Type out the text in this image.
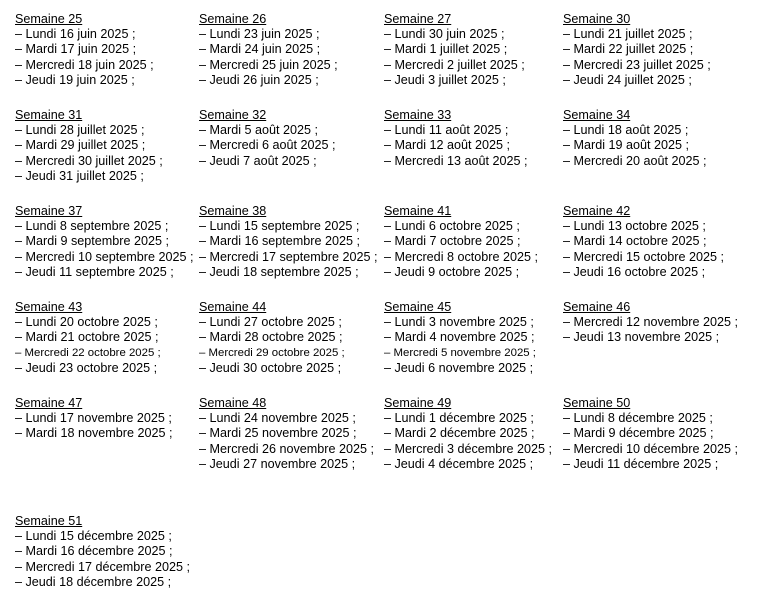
Semaine 25
– Lundi 16 juin 2025 ;
– Mardi 17 juin 2025 ;
– Mercredi 18 juin 2025 ;
– Jeudi 19 juin 2025 ;
Semaine 26
– Lundi 23 juin 2025 ;
– Mardi 24 juin 2025 ;
– Mercredi 25 juin 2025 ;
– Jeudi 26 juin 2025 ;
Semaine 27
– Lundi 30 juin 2025 ;
– Mardi 1 juillet 2025 ;
– Mercredi 2 juillet 2025 ;
– Jeudi 3 juillet 2025 ;
Semaine 30
– Lundi 21 juillet 2025 ;
– Mardi 22 juillet 2025 ;
– Mercredi 23 juillet 2025 ;
– Jeudi 24 juillet 2025 ;
Semaine 31
– Lundi 28 juillet 2025 ;
– Mardi 29 juillet 2025 ;
– Mercredi 30 juillet 2025 ;
– Jeudi 31 juillet 2025 ;
Semaine 32
– Mardi 5 août 2025 ;
– Mercredi 6 août 2025 ;
– Jeudi 7 août 2025 ;
Semaine 33
– Lundi 11 août 2025 ;
– Mardi 12 août 2025 ;
– Mercredi 13 août 2025 ;
Semaine 34
– Lundi 18 août 2025 ;
– Mardi 19 août 2025 ;
– Mercredi 20 août 2025 ;
Semaine 37
– Lundi 8 septembre 2025 ;
– Mardi 9 septembre 2025 ;
– Mercredi 10 septembre 2025 ;
– Jeudi 11 septembre 2025 ;
Semaine 38
– Lundi 15 septembre 2025 ;
– Mardi 16 septembre 2025 ;
– Mercredi 17 septembre 2025 ;
– Jeudi 18 septembre 2025 ;
Semaine 41
– Lundi 6 octobre 2025 ;
– Mardi 7 octobre 2025 ;
– Mercredi 8 octobre 2025 ;
– Jeudi 9 octobre 2025 ;
Semaine 42
– Lundi 13 octobre 2025 ;
– Mardi 14 octobre 2025 ;
– Mercredi 15 octobre 2025 ;
– Jeudi 16 octobre 2025 ;
Semaine 43
– Lundi 20 octobre 2025 ;
– Mardi 21 octobre 2025 ;
– Mercredi 22 octobre 2025 ;
– Jeudi 23 octobre 2025 ;
Semaine 44
– Lundi 27 octobre 2025 ;
– Mardi 28 octobre 2025 ;
– Mercredi 29 octobre 2025 ;
– Jeudi 30 octobre 2025 ;
Semaine 45
– Lundi 3 novembre 2025 ;
– Mardi 4 novembre 2025 ;
– Mercredi 5 novembre 2025 ;
– Jeudi 6 novembre 2025 ;
Semaine 46
– Mercredi 12 novembre 2025 ;
– Jeudi 13 novembre 2025 ;
Semaine 47
– Lundi 17 novembre 2025 ;
– Mardi 18 novembre 2025 ;
Semaine 48
– Lundi 24 novembre 2025 ;
– Mardi 25 novembre 2025 ;
– Mercredi 26 novembre 2025 ;
– Jeudi 27 novembre 2025 ;
Semaine 49
– Lundi 1 décembre 2025 ;
– Mardi 2 décembre 2025 ;
– Mercredi 3 décembre 2025 ;
– Jeudi 4 décembre 2025 ;
Semaine 50
– Lundi 8 décembre 2025 ;
– Mardi 9 décembre 2025 ;
– Mercredi 10 décembre 2025 ;
– Jeudi 11 décembre 2025 ;
Semaine 51
– Lundi 15 décembre 2025 ;
– Mardi 16 décembre 2025 ;
– Mercredi 17 décembre 2025 ;
– Jeudi 18 décembre 2025 ;
